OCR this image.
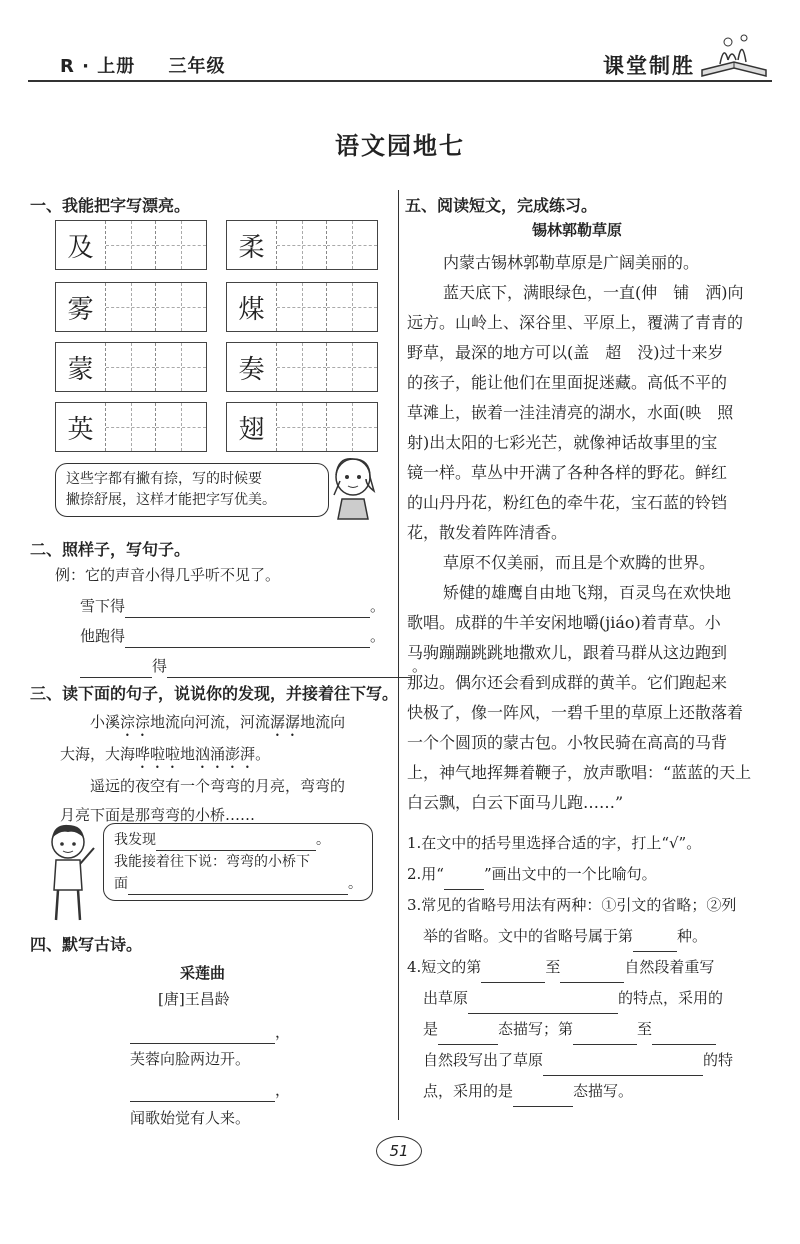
R · 上册 三年级	课堂制胜
语文园地七
一、我能把字写漂亮。
及	柔
雾	煤
蒙	奏
英	翅
这些字都有撇有捺，写的时候要
撇捺舒展，这样才能把字写优美。
二、照样子，写句子。
例：它的声音小得几乎听不见了。
雪下得	。
他跑得	。
得	。
三、读下面的句子，说说你的发现，并接着往下写。
小溪淙淙地流向河流，河流潺潺地流向
大海，大海哗啦啦地汹涌澎湃。
遥远的夜空有一个弯弯的月亮，弯弯的
月亮下面是那弯弯的小桥……
我发现	。
我能接着往下说：弯弯的小桥下
面	。
四、默写古诗。
采莲曲
[唐]王昌龄
，
芙蓉向脸两边开。
，
闻歌始觉有人来。
五、阅读短文，完成练习。
锡林郭勒草原
内蒙古锡林郭勒草原是广阔美丽的。
蓝天底下，满眼绿色，一直(伸　铺　洒)向
远方。山岭上、深谷里、平原上，覆满了青青的
野草，最深的地方可以(盖　超　没)过十来岁
的孩子，能让他们在里面捉迷藏。高低不平的
草滩上，嵌着一洼洼清亮的湖水，水面(映　照
射)出太阳的七彩光芒，就像神话故事里的宝
镜一样。草丛中开满了各种各样的野花。鲜红
的山丹丹花，粉红色的牵牛花，宝石蓝的铃铛
花，散发着阵阵清香。
草原不仅美丽，而且是个欢腾的世界。
矫健的雄鹰自由地飞翔，百灵鸟在欢快地
歌唱。成群的牛羊安闲地嚼(jiáo)着青草。小
马驹蹦蹦跳跳地撒欢儿，跟着马群从这边跑到
那边。偶尔还会看到成群的黄羊。它们跑起来
快极了，像一阵风，一碧千里的草原上还散落着
一个个圆顶的蒙古包。小牧民骑在高高的马背
上，神气地挥舞着鞭子，放声歌唱：“蓝蓝的天上
白云飘，白云下面马儿跑……”
1.在文中的括号里选择合适的字，打上“√”。
2.用“	”画出文中的一个比喻句。
3.常见的省略号用法有两种：①引文的省略；②列
举的省略。文中的省略号属于第	种。
4.短文的第	至	自然段着重写
出草原	的特点，采用的
是	态描写；第	至
自然段写出了草原	的特
点，采用的是	态描写。
51
